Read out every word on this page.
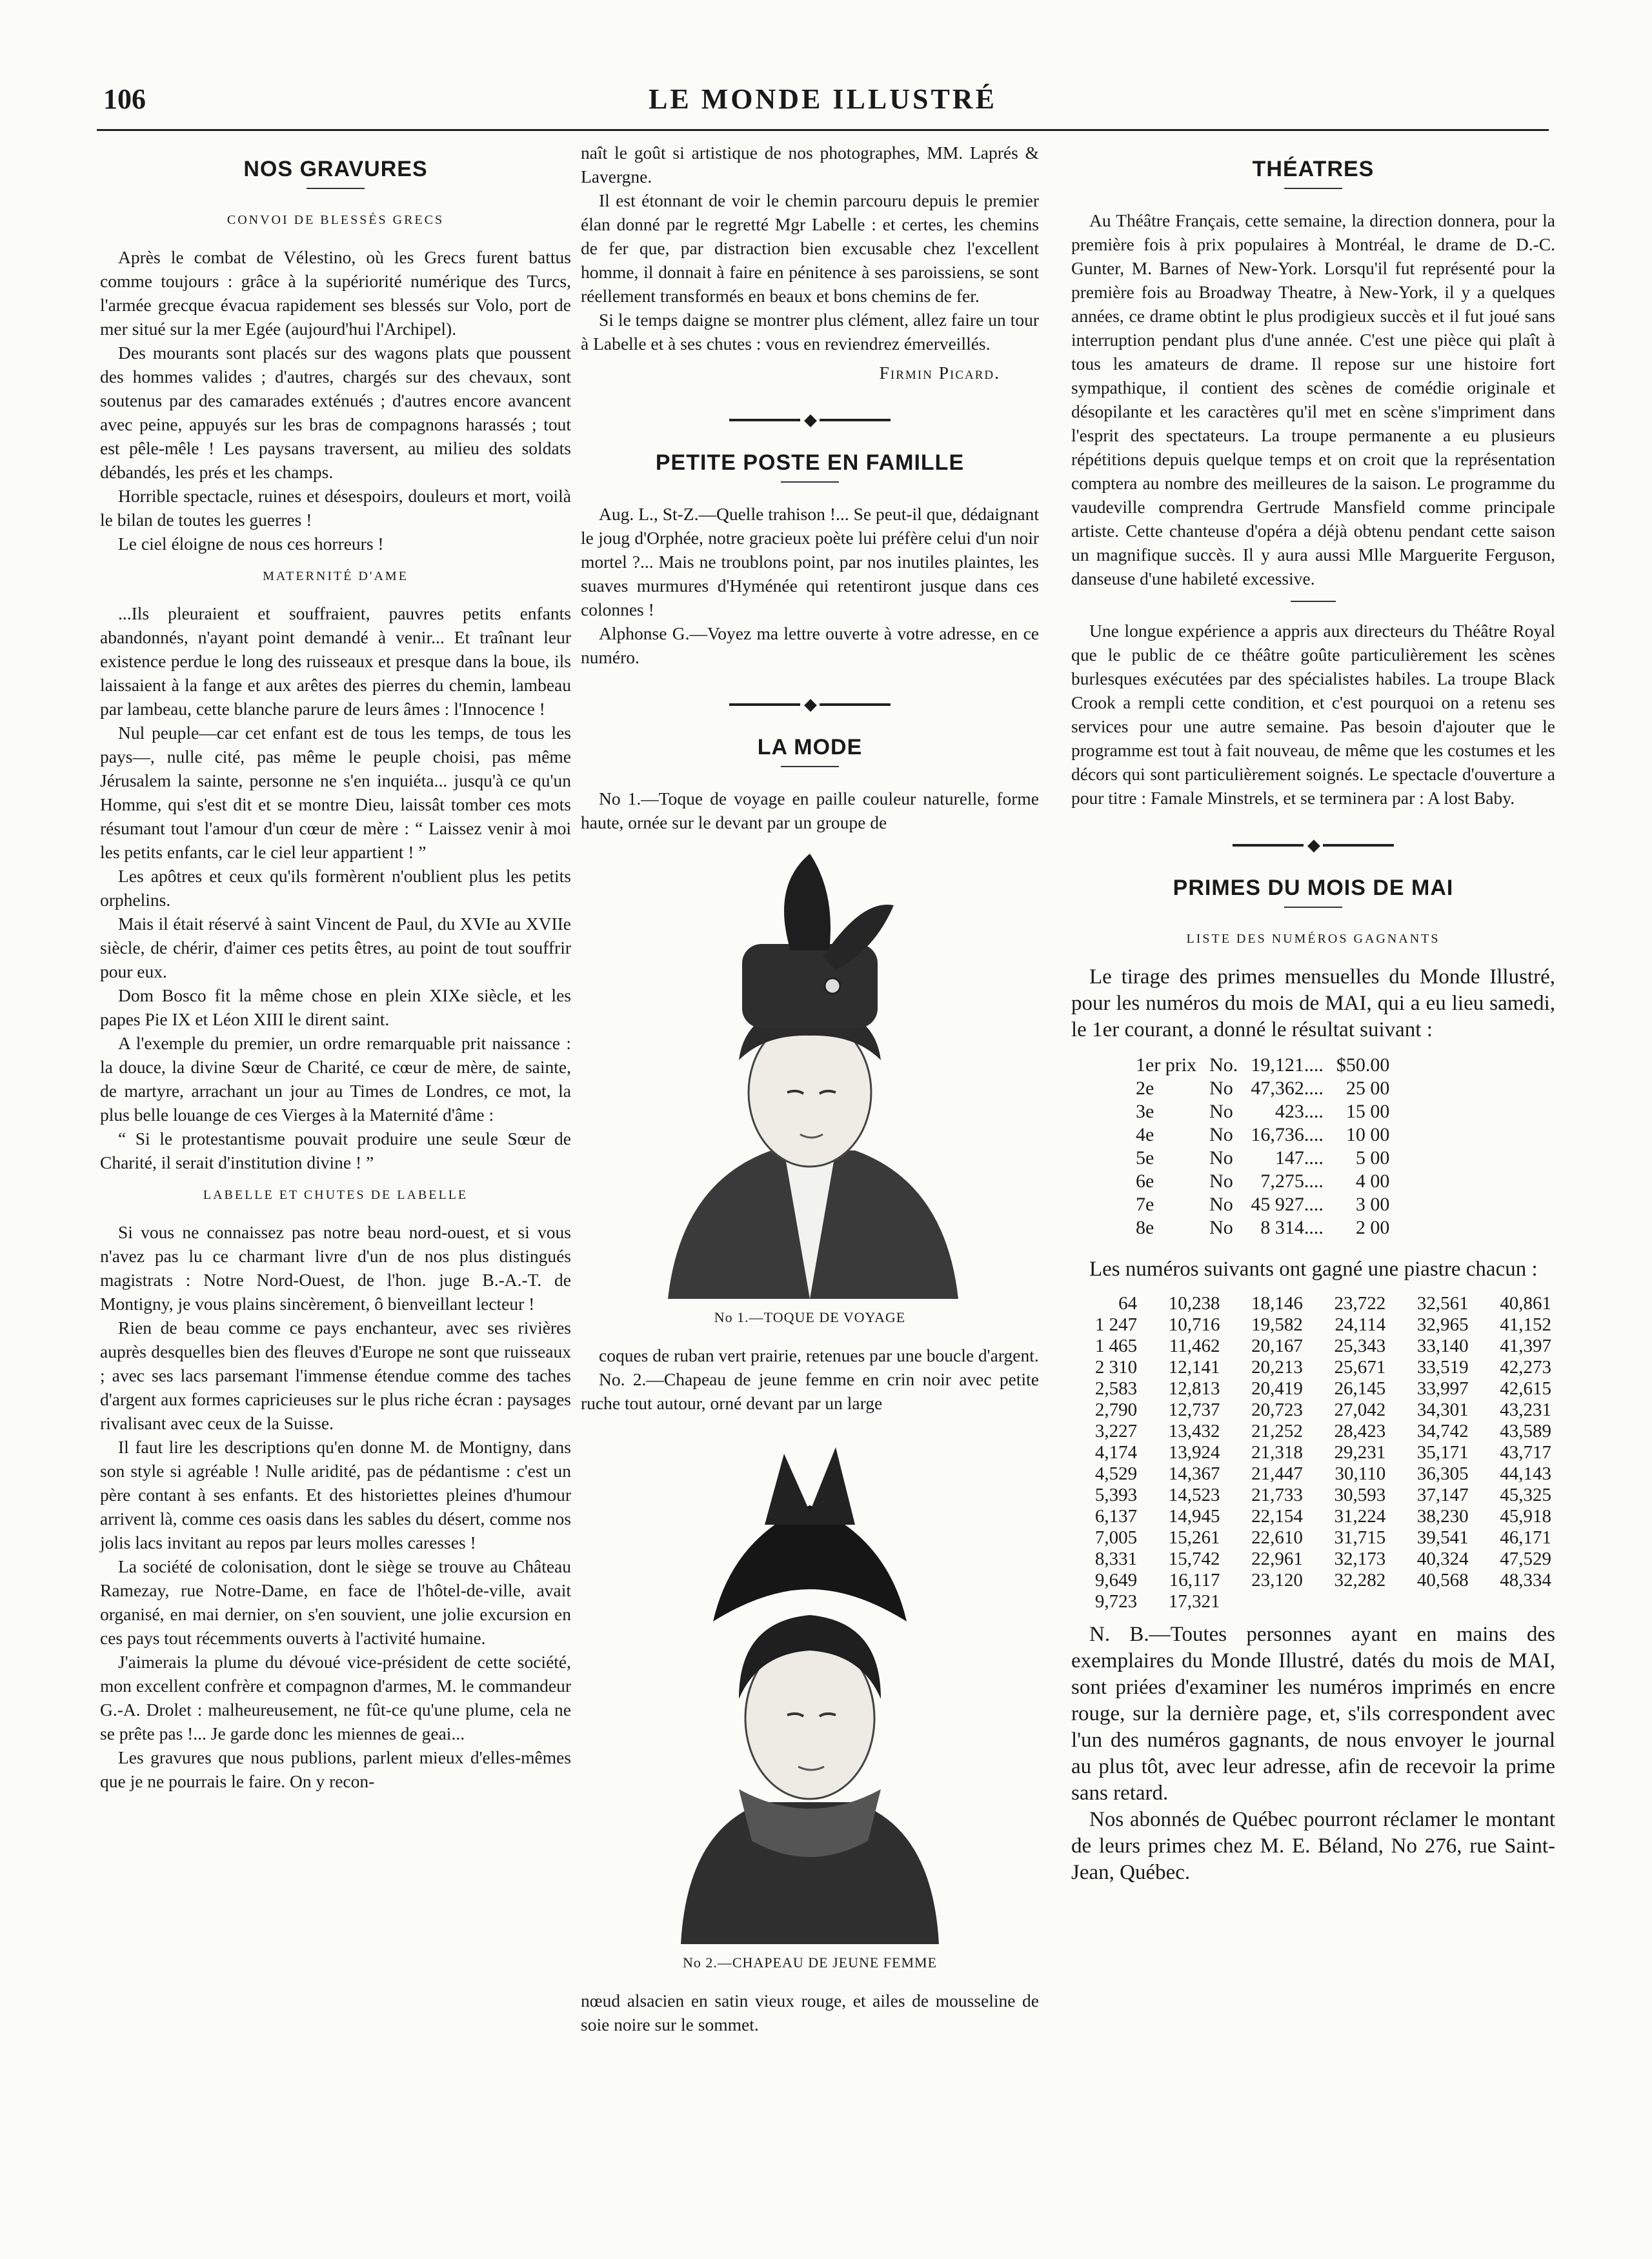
106	LE MONDE ILLUSTRÉ
NOS GRAVURES
CONVOI DE BLESSÉS GRECS

Après le combat de Vélestino, où les Grecs furent battus comme toujours : grâce à la supériorité numérique des Turcs, l'armée grecque évacua rapidement ses blessés sur Volo, port de mer situé sur la mer Egée (aujourd'hui l'Archipel).

Des mourants sont placés sur des wagons plats que poussent des hommes valides ; d'autres, chargés sur des chevaux, sont soutenus par des camarades exténués ; d'autres encore avancent avec peine, appuyés sur les bras de compagnons harassés ; tout est pêle-mêle ! Les paysans traversent, au milieu des soldats débandés, les prés et les champs.

Horrible spectacle, ruines et désespoirs, douleurs et mort, voilà le bilan de toutes les guerres !

Le ciel éloigne de nous ces horreurs !

MATERNITÉ D'AME

...Ils pleuraient et souffraient, pauvres petits enfants abandonnés, n'ayant point demandé à venir... Et traînant leur existence perdue le long des ruisseaux et presque dans la boue, ils laissaient à la fange et aux arêtes des pierres du chemin, lambeau par lambeau, cette blanche parure de leurs âmes : l'Innocence !

Nul peuple—car cet enfant est de tous les temps, de tous les pays—, nulle cité, pas même le peuple choisi, pas même Jérusalem la sainte, personne ne s'en inquiéta... jusqu'à ce qu'un Homme, qui s'est dit et se montre Dieu, laissât tomber ces mots résumant tout l'amour d'un cœur de mère : “ Laissez venir à moi les petits enfants, car le ciel leur appartient ! ”

Les apôtres et ceux qu'ils formèrent n'oublient plus les petits orphelins.

Mais il était réservé à saint Vincent de Paul, du XVIe au XVIIe siècle, de chérir, d'aimer ces petits êtres, au point de tout souffrir pour eux.

Dom Bosco fit la même chose en plein XIXe siècle, et les papes Pie IX et Léon XIII le dirent saint.

A l'exemple du premier, un ordre remarquable prit naissance : la douce, la divine Sœur de Charité, ce cœur de mère, de sainte, de martyre, arrachant un jour au Times de Londres, ce mot, la plus belle louange de ces Vierges à la Maternité d'âme :

“ Si le protestantisme pouvait produire une seule Sœur de Charité, il serait d'institution divine ! ”

LABELLE ET CHUTES DE LABELLE

Si vous ne connaissez pas notre beau nord-ouest, et si vous n'avez pas lu ce charmant livre d'un de nos plus distingués magistrats : Notre Nord-Ouest, de l'hon. juge B.-A.-T. de Montigny, je vous plains sincèrement, ô bienveillant lecteur !

Rien de beau comme ce pays enchanteur, avec ses rivières auprès desquelles bien des fleuves d'Europe ne sont que ruisseaux ; avec ses lacs parsemant l'immense étendue comme des taches d'argent aux formes capricieuses sur le plus riche écran : paysages rivalisant avec ceux de la Suisse.

Il faut lire les descriptions qu'en donne M. de Montigny, dans son style si agréable ! Nulle aridité, pas de pédantisme : c'est un père contant à ses enfants. Et des historiettes pleines d'humour arrivent là, comme ces oasis dans les sables du désert, comme nos jolis lacs invitant au repos par leurs molles caresses !

La société de colonisation, dont le siège se trouve au Château Ramezay, rue Notre-Dame, en face de l'hôtel-de-ville, avait organisé, en mai dernier, on s'en souvient, une jolie excursion en ces pays tout récemments ouverts à l'activité humaine.

J'aimerais la plume du dévoué vice-président de cette société, mon excellent confrère et compagnon d'armes, M. le commandeur G.-A. Drolet : malheureusement, ne fût-ce qu'une plume, cela ne se prête pas !... Je garde donc les miennes de geai...

Les gravures que nous publions, parlent mieux d'elles-mêmes que je ne pourrais le faire. On y recon-

naît le goût si artistique de nos photographes, MM. Laprés & Lavergne.

Il est étonnant de voir le chemin parcouru depuis le premier élan donné par le regretté Mgr Labelle : et certes, les chemins de fer que, par distraction bien excusable chez l'excellent homme, il donnait à faire en pénitence à ses paroissiens, se sont réellement transformés en beaux et bons chemins de fer.

Si le temps daigne se montrer plus clément, allez faire un tour à Labelle et à ses chutes : vous en reviendrez émerveillés.

Firmin Picard.
◆
PETITE POSTE EN FAMILLE

Aug. L., St-Z.—Quelle trahison !... Se peut-il que, dédaignant le joug d'Orphée, notre gracieux poète lui préfère celui d'un noir mortel ?... Mais ne troublons point, par nos inutiles plaintes, les suaves murmures d'Hyménée qui retentiront jusque dans ces colonnes !

Alphonse G.—Voyez ma lettre ouverte à votre adresse, en ce numéro.

◆
LA MODE

No 1.—Toque de voyage en paille couleur naturelle, forme haute, ornée sur le devant par un groupe de

No 1.—TOQUE DE VOYAGE

coques de ruban vert prairie, retenues par une boucle d'argent.

No. 2.—Chapeau de jeune femme en crin noir avec petite ruche tout autour, orné devant par un large

No 2.—CHAPEAU DE JEUNE FEMME

nœud alsacien en satin vieux rouge, et ailes de mousseline de soie noire sur le sommet.

THÉATRES

Au Théâtre Français, cette semaine, la direction donnera, pour la première fois à prix populaires à Montréal, le drame de D.-C. Gunter, M. Barnes of New-York. Lorsqu'il fut représenté pour la première fois au Broadway Theatre, à New-York, il y a quelques années, ce drame obtint le plus prodigieux succès et il fut joué sans interruption pendant plus d'une année. C'est une pièce qui plaît à tous les amateurs de drame. Il repose sur une histoire fort sympathique, il contient des scènes de comédie originale et désopilante et les caractères qu'il met en scène s'impriment dans l'esprit des spectateurs. La troupe permanente a eu plusieurs répétitions depuis quelque temps et on croit que la représentation comptera au nombre des meilleures de la saison. Le programme du vaudeville comprendra Gertrude Mansfield comme principale artiste. Cette chanteuse d'opéra a déjà obtenu pendant cette saison un magnifique succès. Il y aura aussi Mlle Marguerite Ferguson, danseuse d'une habileté excessive.

Une longue expérience a appris aux directeurs du Théâtre Royal que le public de ce théâtre goûte particulièrement les scènes burlesques exécutées par des spécialistes habiles. La troupe Black Crook a rempli cette condition, et c'est pourquoi on a retenu ses services pour une autre semaine. Pas besoin d'ajouter que le programme est tout à fait nouveau, de même que les costumes et les décors qui sont particulièrement soignés. Le spectacle d'ouverture a pour titre : Famale Minstrels, et se terminera par : A lost Baby.

◆
PRIMES DU MOIS DE MAI
LISTE DES NUMÉROS GAGNANTS

Le tirage des primes mensuelles du Monde Illustré, pour les numéros du mois de MAI, qui a eu lieu samedi, le 1er courant, a donné le résultat suivant :

1er prix	No.	19,121....	$50.00
2e	No	47,362....	25 00
3e	No	423....	15 00
4e	No	16,736....	10 00
5e	No	147....	5 00
6e	No	7,275....	4 00
7e	No	45 927....	3 00
8e	No	8 314....	2 00

Les numéros suivants ont gagné une piastre chacun :

64	10,238	18,146	23,722	32,561	40,861
1 247	10,716	19,582	24,114	32,965	41,152
1 465	11,462	20,167	25,343	33,140	41,397
2 310	12,141	20,213	25,671	33,519	42,273
2,583	12,813	20,419	26,145	33,997	42,615
2,790	12,737	20,723	27,042	34,301	43,231
3,227	13,432	21,252	28,423	34,742	43,589
4,174	13,924	21,318	29,231	35,171	43,717
4,529	14,367	21,447	30,110	36,305	44,143
5,393	14,523	21,733	30,593	37,147	45,325
6,137	14,945	22,154	31,224	38,230	45,918
7,005	15,261	22,610	31,715	39,541	46,171
8,331	15,742	22,961	32,173	40,324	47,529
9,649	16,117	23,120	32,282	40,568	48,334
9,723	17,321				

N. B.—Toutes personnes ayant en mains des exemplaires du Monde Illustré, datés du mois de MAI, sont priées d'examiner les numéros imprimés en encre rouge, sur la dernière page, et, s'ils correspondent avec l'un des numéros gagnants, de nous envoyer le journal au plus tôt, avec leur adresse, afin de recevoir la prime sans retard.

Nos abonnés de Québec pourront réclamer le montant de leurs primes chez M. E. Béland, No 276, rue Saint-Jean, Québec.
